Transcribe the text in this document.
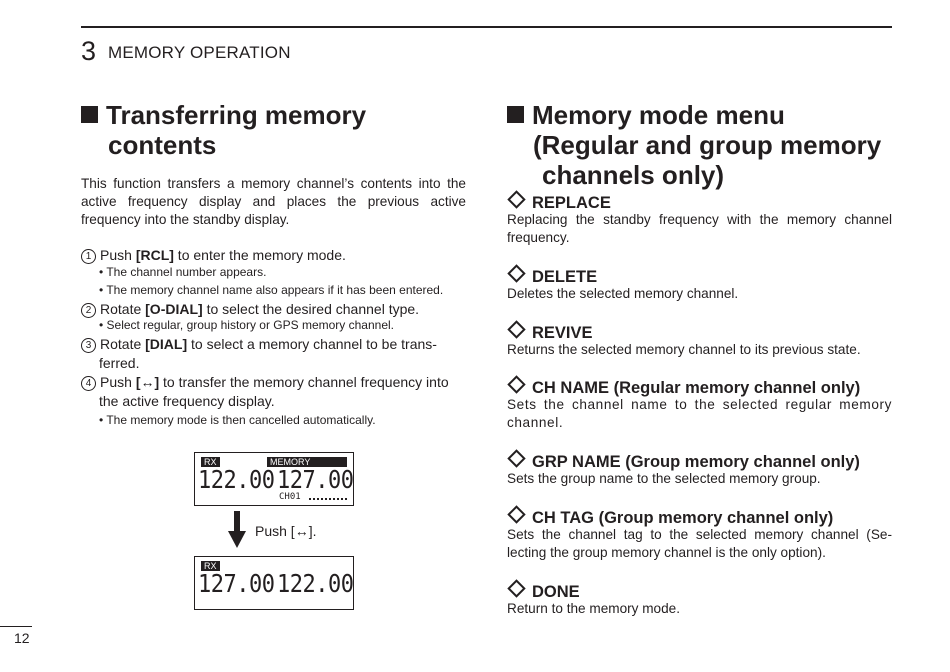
3 MEMORY OPERATION
Transferring memory
contents
This function transfers a memory channel’s contents into the active frequency display and places the previous active frequency into the standby display.
1 Push [RCL] to enter the memory mode.
• The channel number appears.
• The memory channel name also appears if it has been entered.
2 Rotate [O-DIAL] to select the desired channel type.
• Select regular, group history or GPS memory channel.
3 Rotate [DIAL] to select a memory channel to be trans-
ferred.
4 Push [↔] to transfer the memory channel frequency into
the active frequency display.
• The memory mode is then cancelled automatically.
RX	MEMORY
122.00 127.00
CH01
Push [↔].
RX
127.00 122.00
Memory mode menu
(Regular and group memory
channels only)
REPLACE
Replacing the standby frequency with the memory channel frequency.
DELETE
Deletes the selected memory channel.
REVIVE
Returns the selected memory channel to its previous state.
CH NAME (Regular memory channel only)
Sets the channel name to the selected regular memory channel.
GRP NAME (Group memory channel only)
Sets the group name to the selected memory group.
CH TAG (Group memory channel only)
Sets the channel tag to the selected memory channel (Se-lecting the group memory channel is the only option).
DONE
Return to the memory mode.
12
